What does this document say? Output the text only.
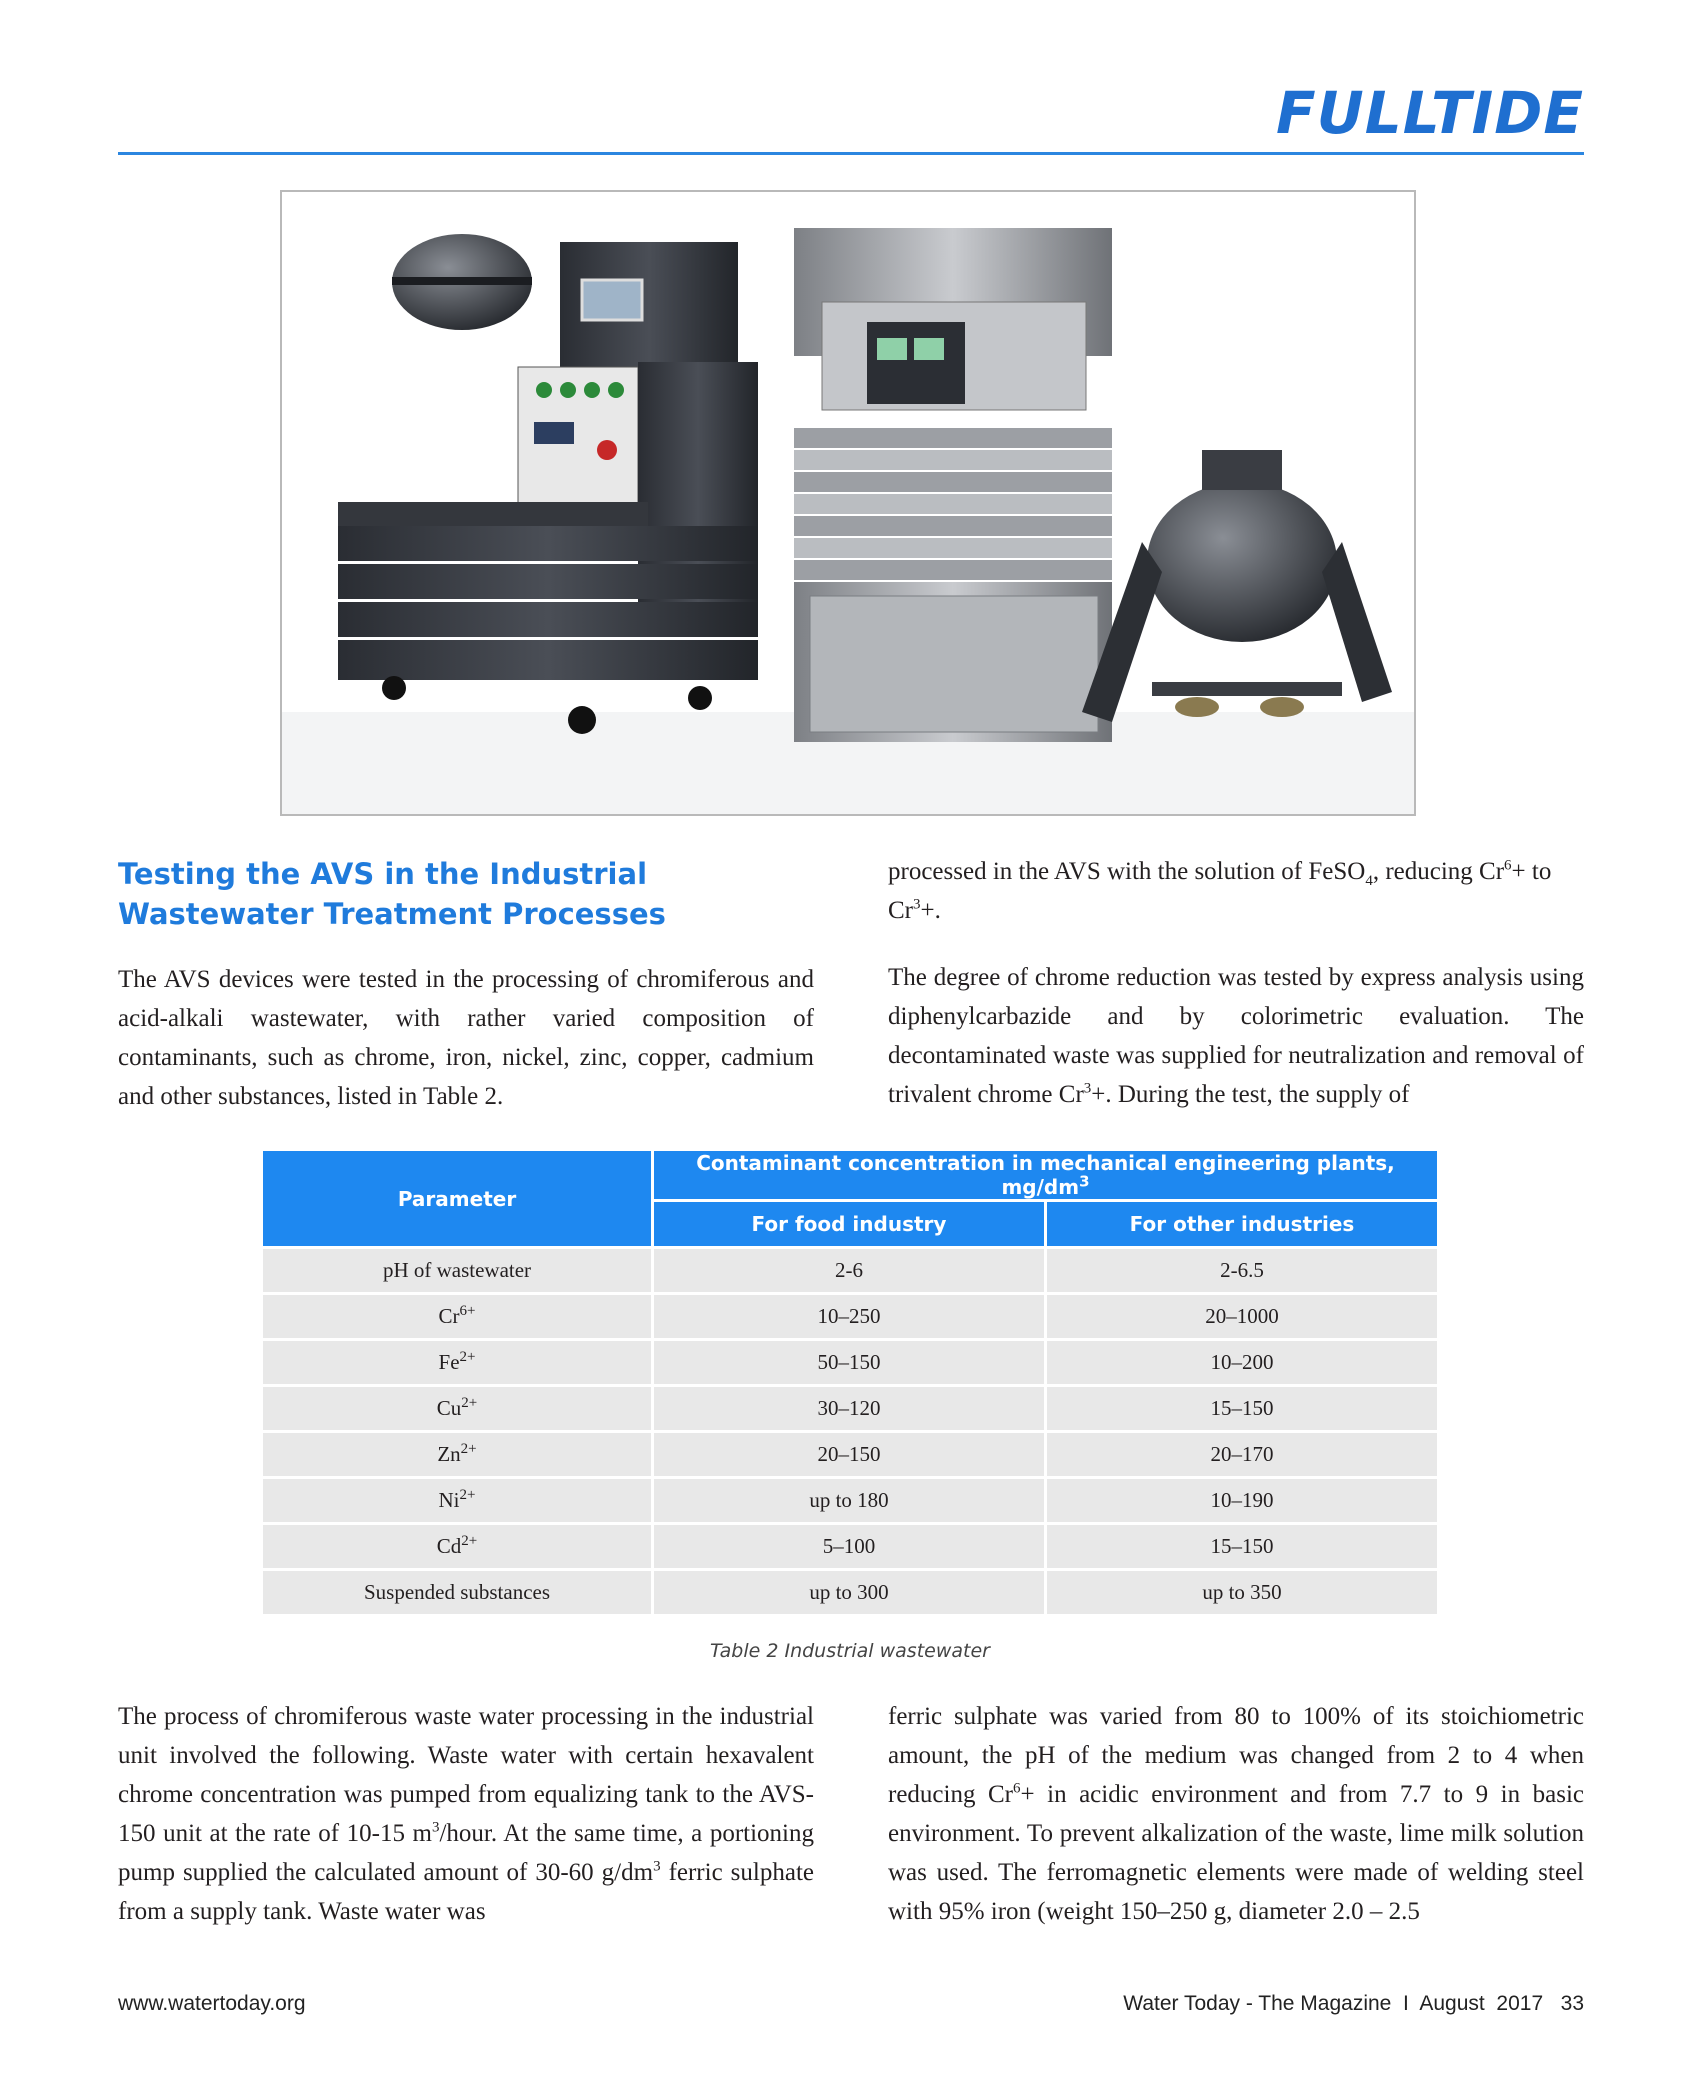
FULLTIDE
Testing the AVS in the Industrial Wastewater Treatment Processes

The AVS devices were tested in the processing of chromiferous and acid-alkali wastewater, with rather varied composition of contaminants, such as chrome, iron, nickel, zinc, copper, cadmium and other substances, listed in Table 2.

processed in the AVS with the solution of FeSO$_4$, reducing $Cr^6+$ to $Cr^3+$.

The degree of chrome reduction was tested by express analysis using diphenylcarbazide and by colorimetric evaluation. The decontaminated waste was supplied for neutralization and removal of trivalent chrome $Cr^3+$. During the test, the supply of

Parameter	Contaminant concentration in mechanical engineering plants, $mg/dm^3$
	For food industry	For other industries
pH of wastewater	2-6	2-6.5
$Cr^{6+}$	10–250	20–1000
$Fe^{2+}$	50–150	10–200
$Cu^{2+}$	30–120	15–150
$Zn^{2+}$	20–150	20–170
$Ni^{2+}$	up to 180	10–190
$Cd^{2+}$	5–100	15–150
Suspended substances	up to 300	up to 350
Table 2 Industrial wastewater

The process of chromiferous waste water processing in the industrial unit involved the following. Waste water with certain hexavalent chrome concentration was pumped from equalizing tank to the AVS-150 unit at the rate of 10-15 $m^3$/hour. At the same time, a portioning pump supplied the calculated amount of 30-60 $g/dm^3$ ferric sulphate from a supply tank. Waste water was

ferric sulphate was varied from 80 to 100% of its stoichiometric amount, the pH of the medium was changed from 2 to 4 when reducing $Cr^6+$ in acidic environment and from 7.7 to 9 in basic environment. To prevent alkalization of the waste, lime milk solution was used. The ferromagnetic elements were made of welding steel with 95% iron (weight 150–250 g, diameter 2.0 – 2.5

www.watertoday.org	Water Today - The Magazine  I  August  2017   33
